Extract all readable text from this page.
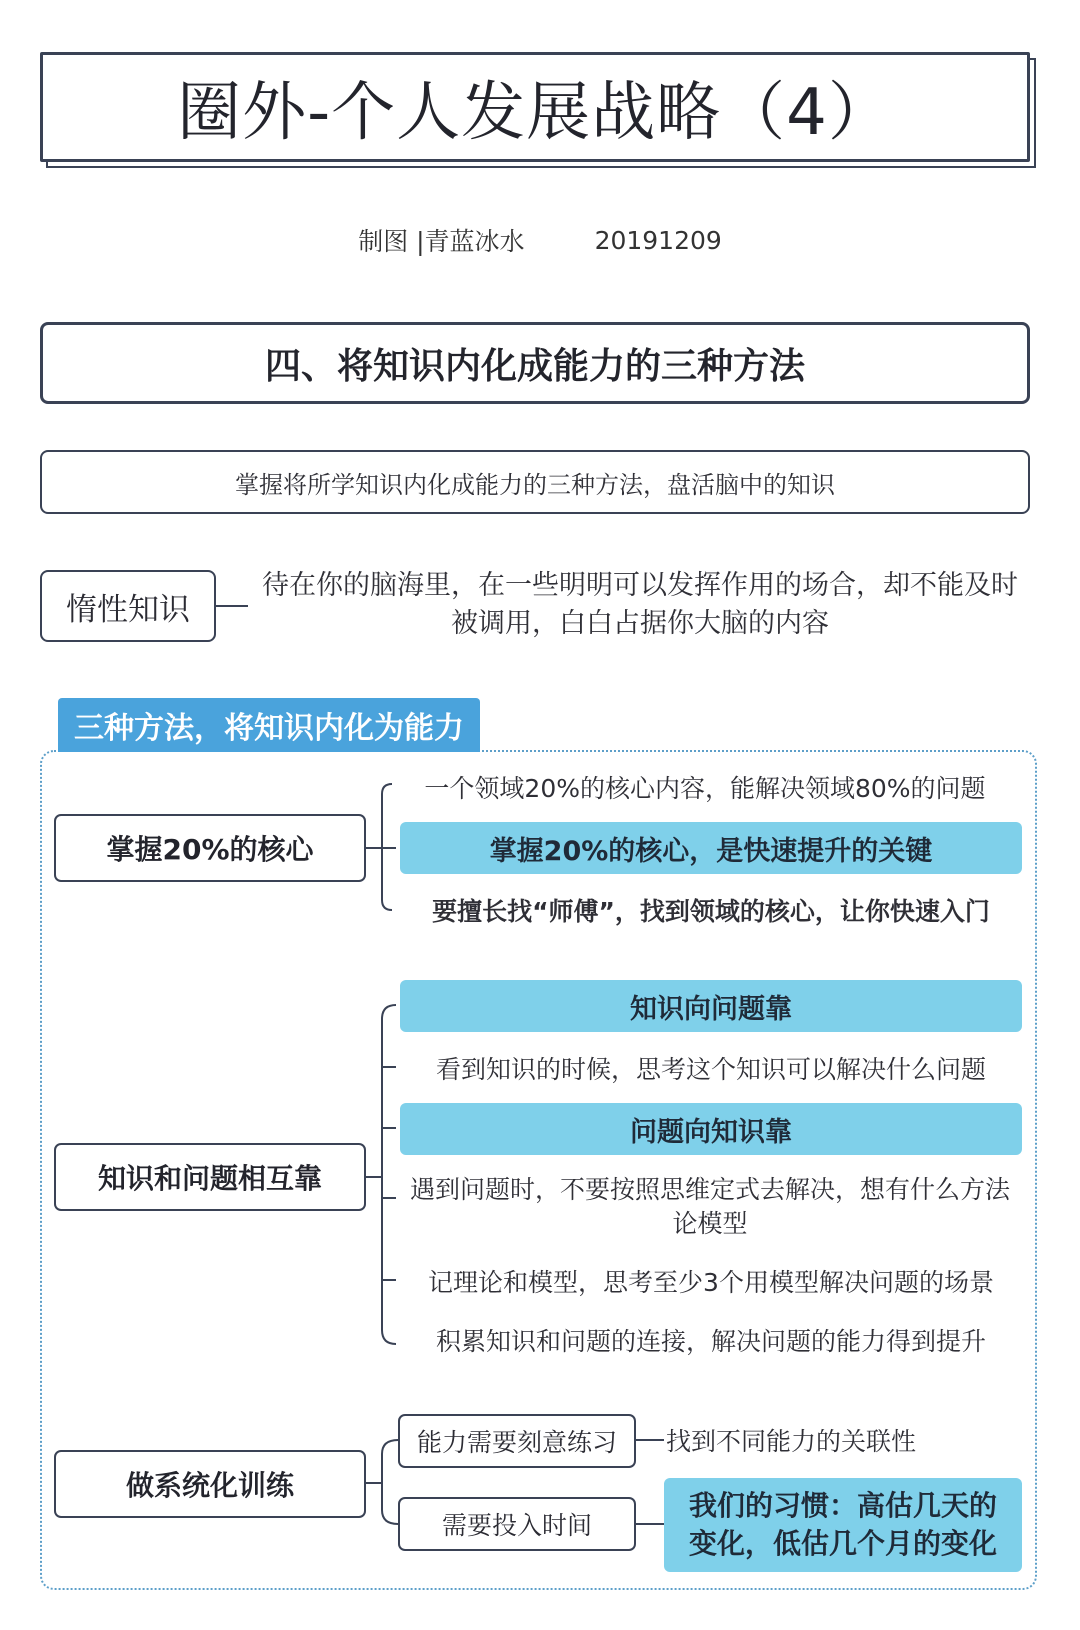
圈外-个人发展战略（4）
制图 |青蓝冰水	20191209
四、将知识内化成能力的三种方法
掌握将所学知识内化成能力的三种方法，盘活脑中的知识
惰性知识
待在你的脑海里，在一些明明可以发挥作用的场合，却不能及时被调用，白白占据你大脑的内容
三种方法，将知识内化为能力
掌握20%的核心
一个领域20%的核心内容，能解决领域80%的问题
掌握20%的核心，是快速提升的关键
要擅长找“师傅”，找到领域的核心，让你快速入门
知识和问题相互靠
知识向问题靠
看到知识的时候，思考这个知识可以解决什么问题
问题向知识靠
遇到问题时，不要按照思维定式去解决，想有什么方法论模型
记理论和模型，思考至少3个用模型解决问题的场景
积累知识和问题的连接，解决问题的能力得到提升
做系统化训练
能力需要刻意练习 找到不同能力的关联性
需要投入时间
我们的习惯：高估几天的变化，低估几个月的变化
